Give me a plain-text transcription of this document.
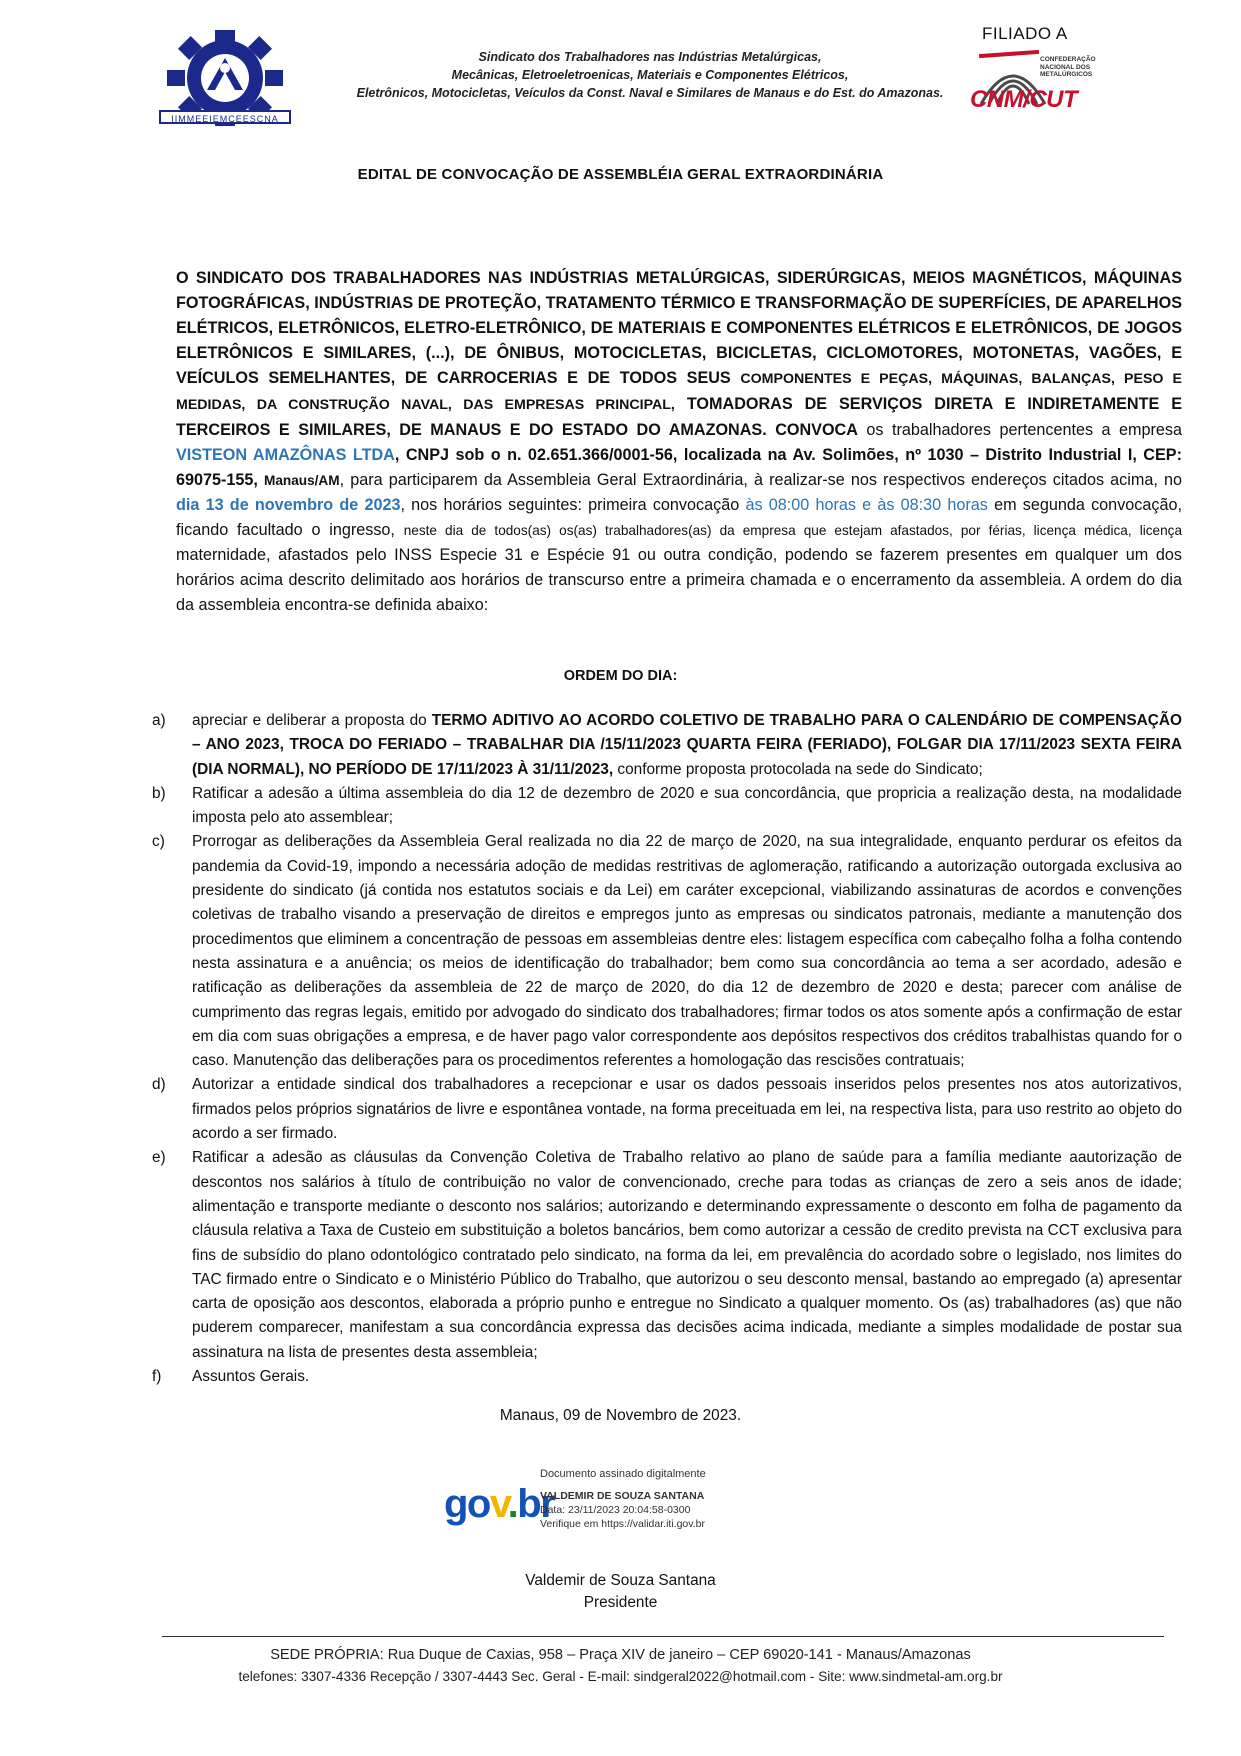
IIMMEEIEMCEESCNA
Sindicato dos Trabalhadores nas Indústrias Metalúrgicas,
Mecânicas, Eletroeletroenicas, Materiais e Componentes Elétricos,
Eletrônicos, Motocicletas, Veículos da Const. Naval e Similares de Manaus e do Est. do Amazonas.
FILIADO A
CONFEDERAÇÃO NACIONAL DOS METALÚRGICOS
CNM/CUT
EDITAL DE CONVOCAÇÃO DE ASSEMBLÉIA GERAL EXTRAORDINÁRIA
O SINDICATO DOS TRABALHADORES NAS INDÚSTRIAS METALÚRGICAS, SIDERÚRGICAS, MEIOS MAGNÉTICOS, MÁQUINAS FOTOGRÁFICAS, INDÚSTRIAS DE PROTEÇÃO, TRATAMENTO TÉRMICO E TRANSFORMAÇÃO DE SUPERFÍCIES, DE APARELHOS ELÉTRICOS, ELETRÔNICOS, ELETRO-ELETRÔNICO, DE MATERIAIS E COMPONENTES ELÉTRICOS E ELETRÔNICOS, DE JOGOS ELETRÔNICOS E SIMILARES, (...), DE ÔNIBUS, MOTOCICLETAS, BICICLETAS, CICLOMOTORES, MOTONETAS, VAGÕES, E VEÍCULOS SEMELHANTES, DE CARROCERIAS E DE TODOS SEUS COMPONENTES E PEÇAS, MÁQUINAS, BALANÇAS, PESO E MEDIDAS, DA CONSTRUÇÃO NAVAL, DAS EMPRESAS PRINCIPAL, TOMADORAS DE SERVIÇOS DIRETA E INDIRETAMENTE E TERCEIROS E SIMILARES, DE MANAUS E DO ESTADO DO AMAZONAS. CONVOCA os trabalhadores pertencentes a empresa VISTEON AMAZÔNAS LTDA, CNPJ sob o n. 02.651.366/0001-56, localizada na Av. Solimões, nº 1030 – Distrito Industrial I, CEP: 69075-155, Manaus/AM, para participarem da Assembleia Geral Extraordinária, à realizar-se nos respectivos endereços citados acima, no dia 13 de novembro de 2023, nos horários seguintes: primeira convocação às 08:00 horas e às 08:30 horas em segunda convocação, ficando facultado o ingresso, neste dia de todos(as) os(as) trabalhadores(as) da empresa que estejam afastados, por férias, licença médica, licença maternidade, afastados pelo INSS Especie 31 e Espécie 91 ou outra condição, podendo se fazerem presentes em qualquer um dos horários acima descrito delimitado aos horários de transcurso entre a primeira chamada e o encerramento da assembleia. A ordem do dia da assembleia encontra-se definida abaixo:
ORDEM DO DIA:
a) apreciar e deliberar a proposta do TERMO ADITIVO AO ACORDO COLETIVO DE TRABALHO PARA O CALENDÁRIO DE COMPENSAÇÃO – ANO 2023, TROCA DO FERIADO – TRABALHAR DIA /15/11/2023 QUARTA FEIRA (FERIADO), FOLGAR DIA 17/11/2023 SEXTA FEIRA (DIA NORMAL), NO PERÍODO DE 17/11/2023 À 31/11/2023, conforme proposta protocolada na sede do Sindicato;
b) Ratificar a adesão a última assembleia do dia 12 de dezembro de 2020 e sua concordância, que propricia a realização desta, na modalidade imposta pelo ato assemblear;
c) Prorrogar as deliberações da Assembleia Geral realizada no dia 22 de março de 2020, na sua integralidade, enquanto perdurar os efeitos da pandemia da Covid-19, impondo a necessária adoção de medidas restritivas de aglomeração, ratificando a autorização outorgada exclusiva ao presidente do sindicato (já contida nos estatutos sociais e da Lei) em caráter excepcional, viabilizando assinaturas de acordos e convenções coletivas de trabalho visando a preservação de direitos e empregos junto as empresas ou sindicatos patronais, mediante a manutenção dos procedimentos que eliminem a concentração de pessoas em assembleias dentre eles: listagem específica com cabeçalho folha a folha contendo nesta assinatura e a anuência; os meios de identificação do trabalhador; bem como sua concordância ao tema a ser acordado, adesão e ratificação as deliberações da assembleia de 22 de março de 2020, do dia 12 de dezembro de 2020 e desta; parecer com análise de cumprimento das regras legais, emitido por advogado do sindicato dos trabalhadores; firmar todos os atos somente após a confirmação de estar em dia com suas obrigações a empresa, e de haver pago valor correspondente aos depósitos respectivos dos créditos trabalhistas quando for o caso. Manutenção das deliberações para os procedimentos referentes a homologação das rescisões contratuais;
d) Autorizar a entidade sindical dos trabalhadores a recepcionar e usar os dados pessoais inseridos pelos presentes nos atos autorizativos, firmados pelos próprios signatários de livre e espontânea vontade, na forma preceituada em lei, na respectiva lista, para uso restrito ao objeto do acordo a ser firmado.
e) Ratificar a adesão as cláusulas da Convenção Coletiva de Trabalho relativo ao plano de saúde para a família mediante aautorização de descontos nos salários à título de contribuição no valor de convencionado, creche para todas as crianças de zero a seis anos de idade; alimentação e transporte mediante o desconto nos salários; autorizando e determinando expressamente o desconto em folha de pagamento da cláusula relativa a Taxa de Custeio em substituição a boletos bancários, bem como autorizar a cessão de credito prevista na CCT exclusiva para fins de subsídio do plano odontológico contratado pelo sindicato, na forma da lei, em prevalência do acordado sobre o legislado, nos limites do TAC firmado entre o Sindicato e o Ministério Público do Trabalho, que autorizou o seu desconto mensal, bastando ao empregado (a) apresentar carta de oposição aos descontos, elaborada a próprio punho e entregue no Sindicato a qualquer momento. Os (as) trabalhadores (as) que não puderem comparecer, manifestam a sua concordância expressa das decisões acima indicada, mediante a simples modalidade de postar sua assinatura na lista de presentes desta assembleia;
f) Assuntos Gerais.
Manaus, 09 de Novembro de 2023.
gov.br
Documento assinado digitalmente
VALDEMIR DE SOUZA SANTANA
Data: 23/11/2023 20:04:58-0300
Verifique em https://validar.iti.gov.br
Valdemir de Souza Santana
Presidente
SEDE PRÓPRIA: Rua Duque de Caxias, 958 – Praça XIV de janeiro – CEP 69020-141 - Manaus/Amazonas
telefones: 3307-4336 Recepção / 3307-4443 Sec. Geral - E-mail: sindgeral2022@hotmail.com - Site: www.sindmetal-am.org.br
